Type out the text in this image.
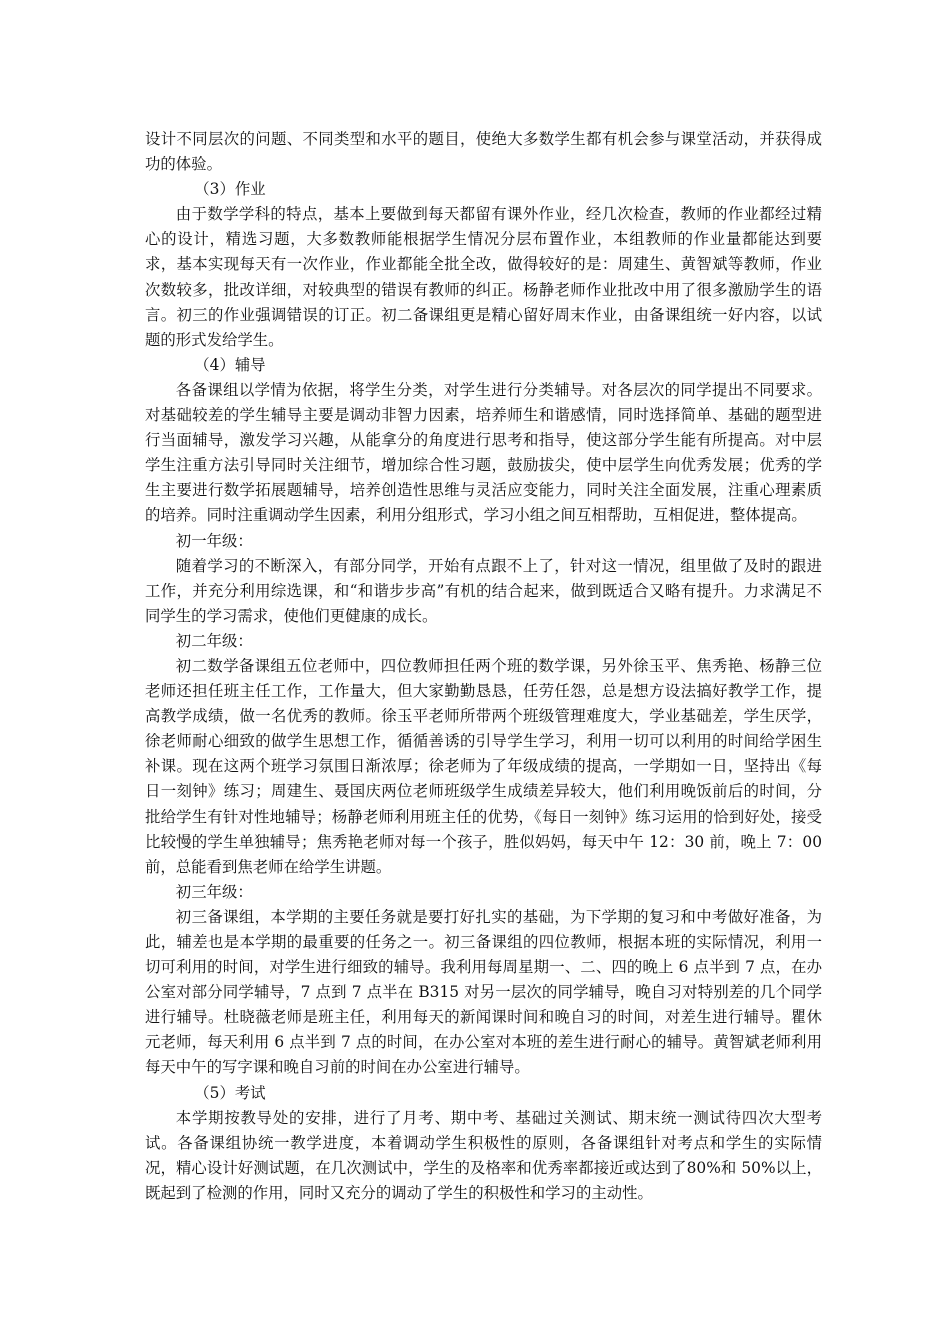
设计不同层次的问题、不同类型和水平的题目，使绝大多数学生都有机会参与课堂活动，并获得成功的体验。

（3）作业

由于数学学科的特点，基本上要做到每天都留有课外作业，经几次检查，教师的作业都经过精心的设计，精选习题，大多数教师能根据学生情况分层布置作业，本组教师的作业量都能达到要求，基本实现每天有一次作业，作业都能全批全改，做得较好的是：周建生、黄智斌等教师，作业次数较多，批改详细，对较典型的错误有教师的纠正。杨静老师作业批改中用了很多激励学生的语言。初三的作业强调错误的订正。初二备课组更是精心留好周末作业，由备课组统一好内容，以试题的形式发给学生。

（4）辅导

各备课组以学情为依据，将学生分类，对学生进行分类辅导。对各层次的同学提出不同要求。对基础较差的学生辅导主要是调动非智力因素，培养师生和谐感情，同时选择简单、基础的题型进行当面辅导，激发学习兴趣，从能拿分的角度进行思考和指导，使这部分学生能有所提高。对中层学生注重方法引导同时关注细节，增加综合性习题，鼓励拔尖，使中层学生向优秀发展；优秀的学生主要进行数学拓展题辅导，培养创造性思维与灵活应变能力，同时关注全面发展，注重心理素质的培养。同时注重调动学生因素，利用分组形式，学习小组之间互相帮助，互相促进，整体提高。

初一年级：

随着学习的不断深入，有部分同学，开始有点跟不上了，针对这一情况，组里做了及时的跟进工作，并充分利用综选课，和“和谐步步高”有机的结合起来，做到既适合又略有提升。力求满足不同学生的学习需求，使他们更健康的成长。

初二年级：

初二数学备课组五位老师中，四位教师担任两个班的数学课，另外徐玉平、焦秀艳、杨静三位老师还担任班主任工作，工作量大，但大家勤勤恳恳，任劳任怨，总是想方设法搞好教学工作，提高教学成绩，做一名优秀的教师。徐玉平老师所带两个班级管理难度大，学业基础差，学生厌学，徐老师耐心细致的做学生思想工作，循循善诱的引导学生学习，利用一切可以利用的时间给学困生补课。现在这两个班学习氛围日渐浓厚；徐老师为了年级成绩的提高，一学期如一日，坚持出《每日一刻钟》练习；周建生、聂国庆两位老师班级学生成绩差异较大，他们利用晚饭前后的时间，分批给学生有针对性地辅导；杨静老师利用班主任的优势，《每日一刻钟》练习运用的恰到好处，接受比较慢的学生单独辅导；焦秀艳老师对每一个孩子，胜似妈妈，每天中午 12：30 前，晚上 7：00 前，总能看到焦老师在给学生讲题。

初三年级：

初三备课组，本学期的主要任务就是要打好扎实的基础，为下学期的复习和中考做好准备，为此，辅差也是本学期的最重要的任务之一。初三备课组的四位教师，根据本班的实际情况，利用一切可利用的时间，对学生进行细致的辅导。我利用每周星期一、二、四的晚上 6 点半到 7 点，在办公室对部分同学辅导，7 点到 7 点半在 B315 对另一层次的同学辅导，晚自习对特别差的几个同学进行辅导。杜晓薇老师是班主任，利用每天的新闻课时间和晚自习的时间，对差生进行辅导。瞿休元老师，每天利用 6 点半到 7 点的时间，在办公室对本班的差生进行耐心的辅导。黄智斌老师利用每天中午的写字课和晚自习前的时间在办公室进行辅导。

（5）考试

本学期按教导处的安排，进行了月考、期中考、基础过关测试、期末统一测试待四次大型考试。各备课组协统一教学进度，本着调动学生积极性的原则，各备课组针对考点和学生的实际情况，精心设计好测试题，在几次测试中，学生的及格率和优秀率都接近或达到了80%和 50%以上，既起到了检测的作用，同时又充分的调动了学生的积极性和学习的主动性。
